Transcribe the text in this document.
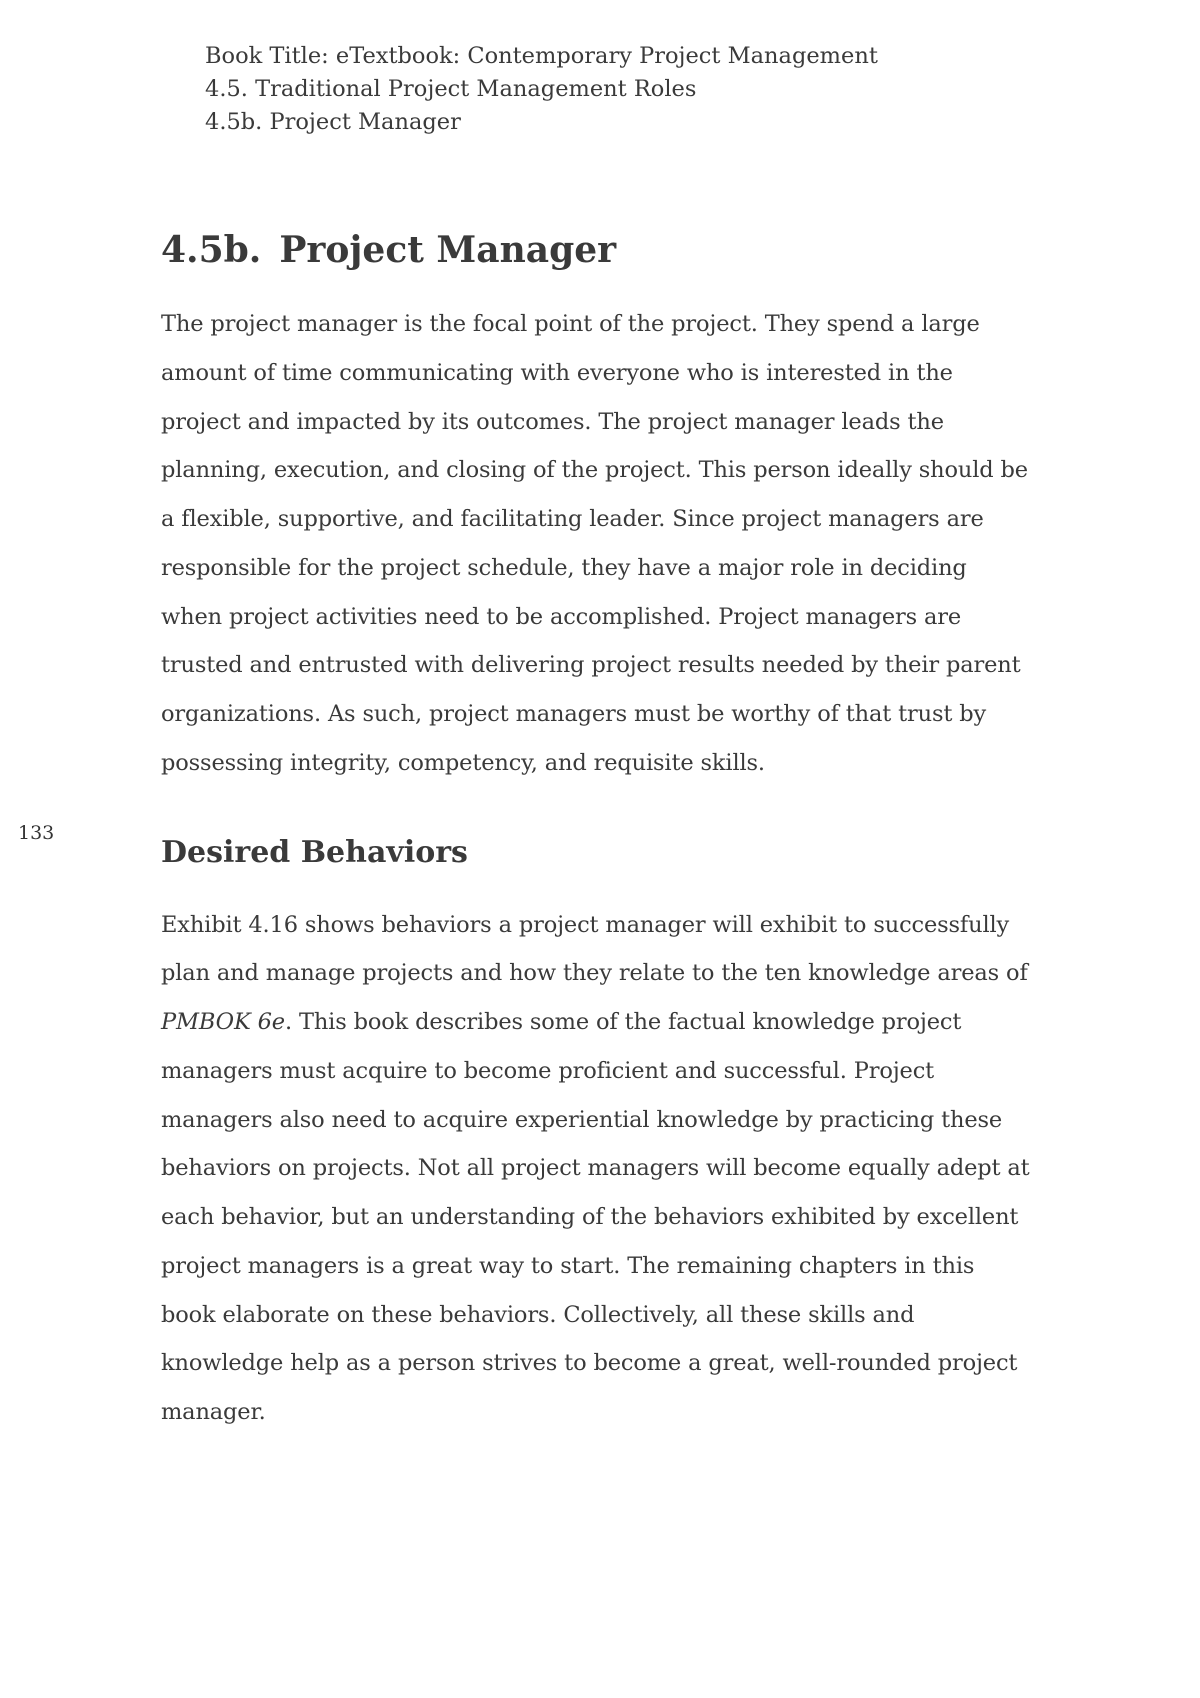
Book Title: eTextbook: Contemporary Project Management
4.5. Traditional Project Management Roles
4.5b. Project Manager
133
4.5b. Project Manager

The project manager is the focal point of the project. They spend a large
amount of time communicating with everyone who is interested in the
project and impacted by its outcomes. The project manager leads the
planning, execution, and closing of the project. This person ideally should be
a flexible, supportive, and facilitating leader. Since project managers are
responsible for the project schedule, they have a major role in deciding
when project activities need to be accomplished. Project managers are
trusted and entrusted with delivering project results needed by their parent
organizations. As such, project managers must be worthy of that trust by
possessing integrity, competency, and requisite skills.

Desired Behaviors

Exhibit 4.16 shows behaviors a project manager will exhibit to successfully
plan and manage projects and how they relate to the ten knowledge areas of
PMBOK 6e. This book describes some of the factual knowledge project
managers must acquire to become proficient and successful. Project
managers also need to acquire experiential knowledge by practicing these
behaviors on projects. Not all project managers will become equally adept at
each behavior, but an understanding of the behaviors exhibited by excellent
project managers is a great way to start. The remaining chapters in this
book elaborate on these behaviors. Collectively, all these skills and
knowledge help as a person strives to become a great, well-rounded project
manager.
